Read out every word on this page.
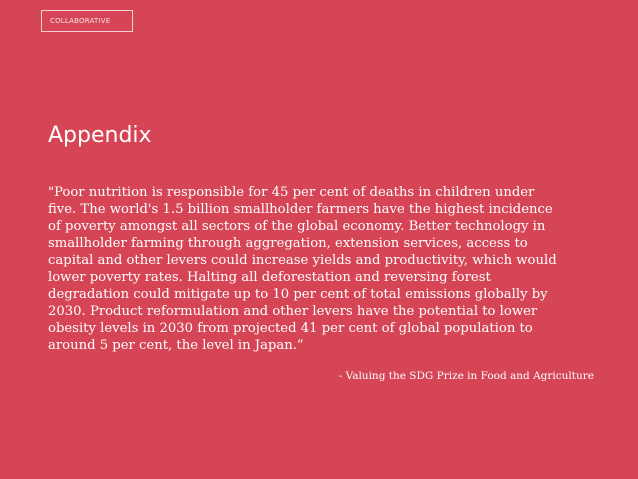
COLLABORATIVE
Appendix

"Poor nutrition is responsible for 45 per cent of deaths in children under
five. The world's 1.5 billion smallholder farmers have the highest incidence
of poverty amongst all sectors of the global economy. Better technology in
smallholder farming through aggregation, extension services, access to
capital and other levers could increase yields and productivity, which would
lower poverty rates. Halting all deforestation and reversing forest
degradation could mitigate up to 10 per cent of total emissions globally by
2030. Product reformulation and other levers have the potential to lower
obesity levels in 2030 from projected 41 per cent of global population to
around 5 per cent, the level in Japan.”

- Valuing the SDG Prize in Food and Agriculture
